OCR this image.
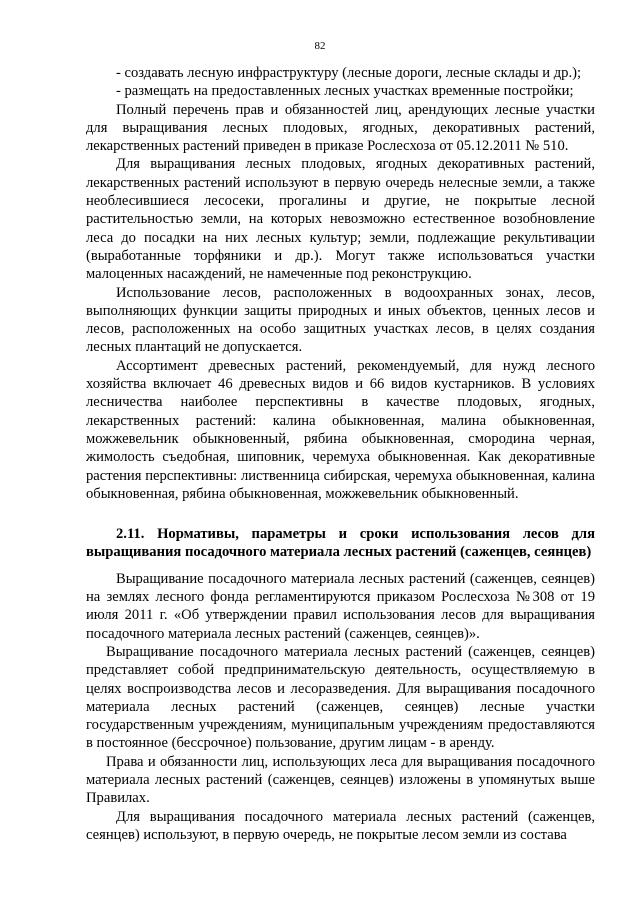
82

- создавать лесную инфраструктуру (лесные дороги, лесные склады и др.);

- размещать на предоставленных лесных участках временные постройки;

Полный перечень прав и обязанностей лиц, арендующих лесные участки для выращивания лесных плодовых, ягодных, декоративных растений, лекарственных растений приведен в приказе Рослесхоза от 05.12.2011 № 510.

Для выращивания лесных плодовых, ягодных декоративных растений, лекарственных растений используют в первую очередь нелесные земли, а также необлесившиеся лесосеки, прогалины и другие, не покрытые лесной растительностью земли, на которых невозможно естественное возобновление леса до посадки на них лесных культур; земли, подлежащие рекультивации (выработанные торфяники и др.). Могут также использоваться участки малоценных насаждений, не намеченные под реконструкцию.

Использование лесов, расположенных в водоохранных зонах, лесов, выполняющих функции защиты природных и иных объектов, ценных лесов и лесов, расположенных на особо защитных участках лесов, в целях создания лесных плантаций не допускается.

Ассортимент древесных растений, рекомендуемый, для нужд лесного хозяйства включает 46 древесных видов и 66 видов кустарников. В условиях лесничества наиболее перспективны в качестве плодовых, ягодных, лекарственных растений: калина обыкновенная, малина обыкновенная, можжевельник обыкновенный, рябина обыкновенная, смородина черная, жимолость съедобная, шиповник, черемуха обыкновенная. Как декоративные растения перспективны: лиственница сибирская, черемуха обыкновенная, калина обыкновенная, рябина обыкновенная, можжевельник обыкновенный.

2.11. Нормативы, параметры и сроки использования лесов для выращивания посадочного материала лесных растений (саженцев, сеянцев)

Выращивание посадочного материала лесных растений (саженцев, сеянцев) на землях лесного фонда регламентируются приказом Рослесхоза №308 от 19 июля 2011 г. «Об утверждении правил использования лесов для выращивания посадочного материала лесных растений (саженцев, сеянцев)».

Выращивание посадочного материала лесных растений (саженцев, сеянцев) представляет собой предпринимательскую деятельность, осуществляемую в целях воспроизводства лесов и лесоразведения. Для выращивания посадочного материала лесных растений (саженцев, сеянцев) лесные участки государственным учреждениям, муниципальным учреждениям предоставляются в постоянное (бессрочное) пользование, другим лицам - в аренду.

Права и обязанности лиц, использующих леса для выращивания посадочного материала лесных растений (саженцев, сеянцев) изложены в упомянутых выше Правилах.

Для выращивания посадочного материала лесных растений (саженцев, сеянцев) используют, в первую очередь, не покрытые лесом земли из состава
